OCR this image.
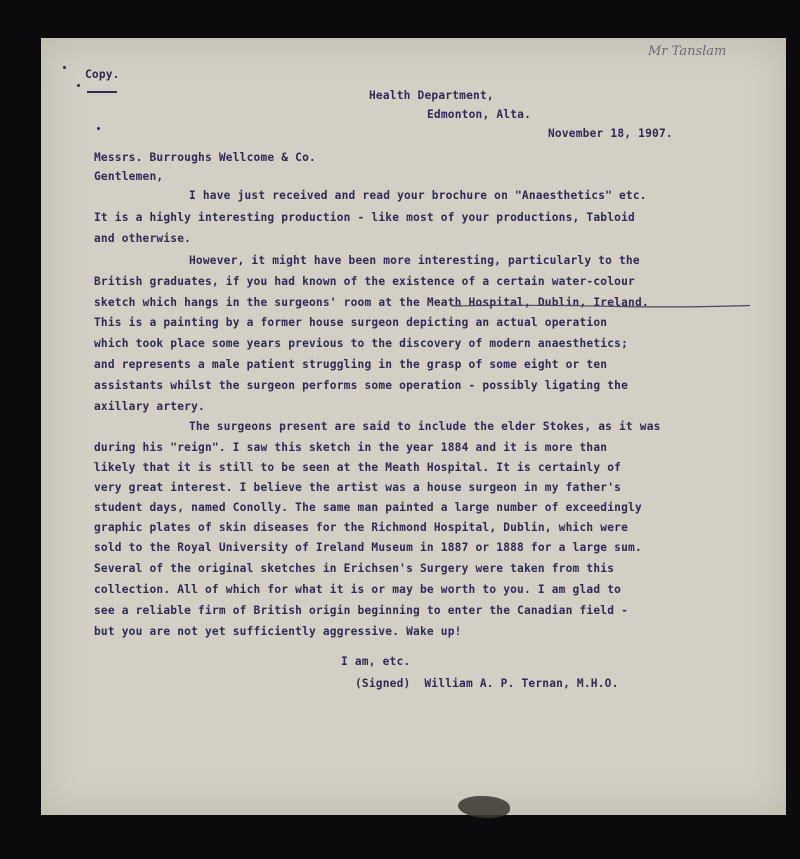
Mr Tanslam
Copy.
Health Department,
Edmonton, Alta.
November 18, 1907.
Messrs. Burroughs Wellcome & Co.
Gentlemen,
I have just received and read your brochure on "Anaesthetics" etc.
It is a highly interesting production - like most of your productions, Tabloid
and otherwise.
However, it might have been more interesting, particularly to the
British graduates, if you had known of the existence of a certain water-colour
sketch which hangs in the surgeons' room at the Meath Hospital, Dublin, Ireland.
This is a painting by a former house surgeon depicting an actual operation
which took place some years previous to the discovery of modern anaesthetics;
and represents a male patient struggling in the grasp of some eight or ten
assistants whilst the surgeon performs some operation - possibly ligating the
axillary artery.
The surgeons present are said to include the elder Stokes, as it was
during his "reign". I saw this sketch in the year 1884 and it is more than
likely that it is still to be seen at the Meath Hospital. It is certainly of
very great interest. I believe the artist was a house surgeon in my father's
student days, named Conolly. The same man painted a large number of exceedingly
graphic plates of skin diseases for the Richmond Hospital, Dublin, which were
sold to the Royal University of Ireland Museum in 1887 or 1888 for a large sum.
Several of the original sketches in Erichsen's Surgery were taken from this
collection. All of which for what it is or may be worth to you. I am glad to
see a reliable firm of British origin beginning to enter the Canadian field -
but you are not yet sufficiently aggressive. Wake up!
I am, etc.
(Signed)  William A. P. Ternan, M.H.O.
